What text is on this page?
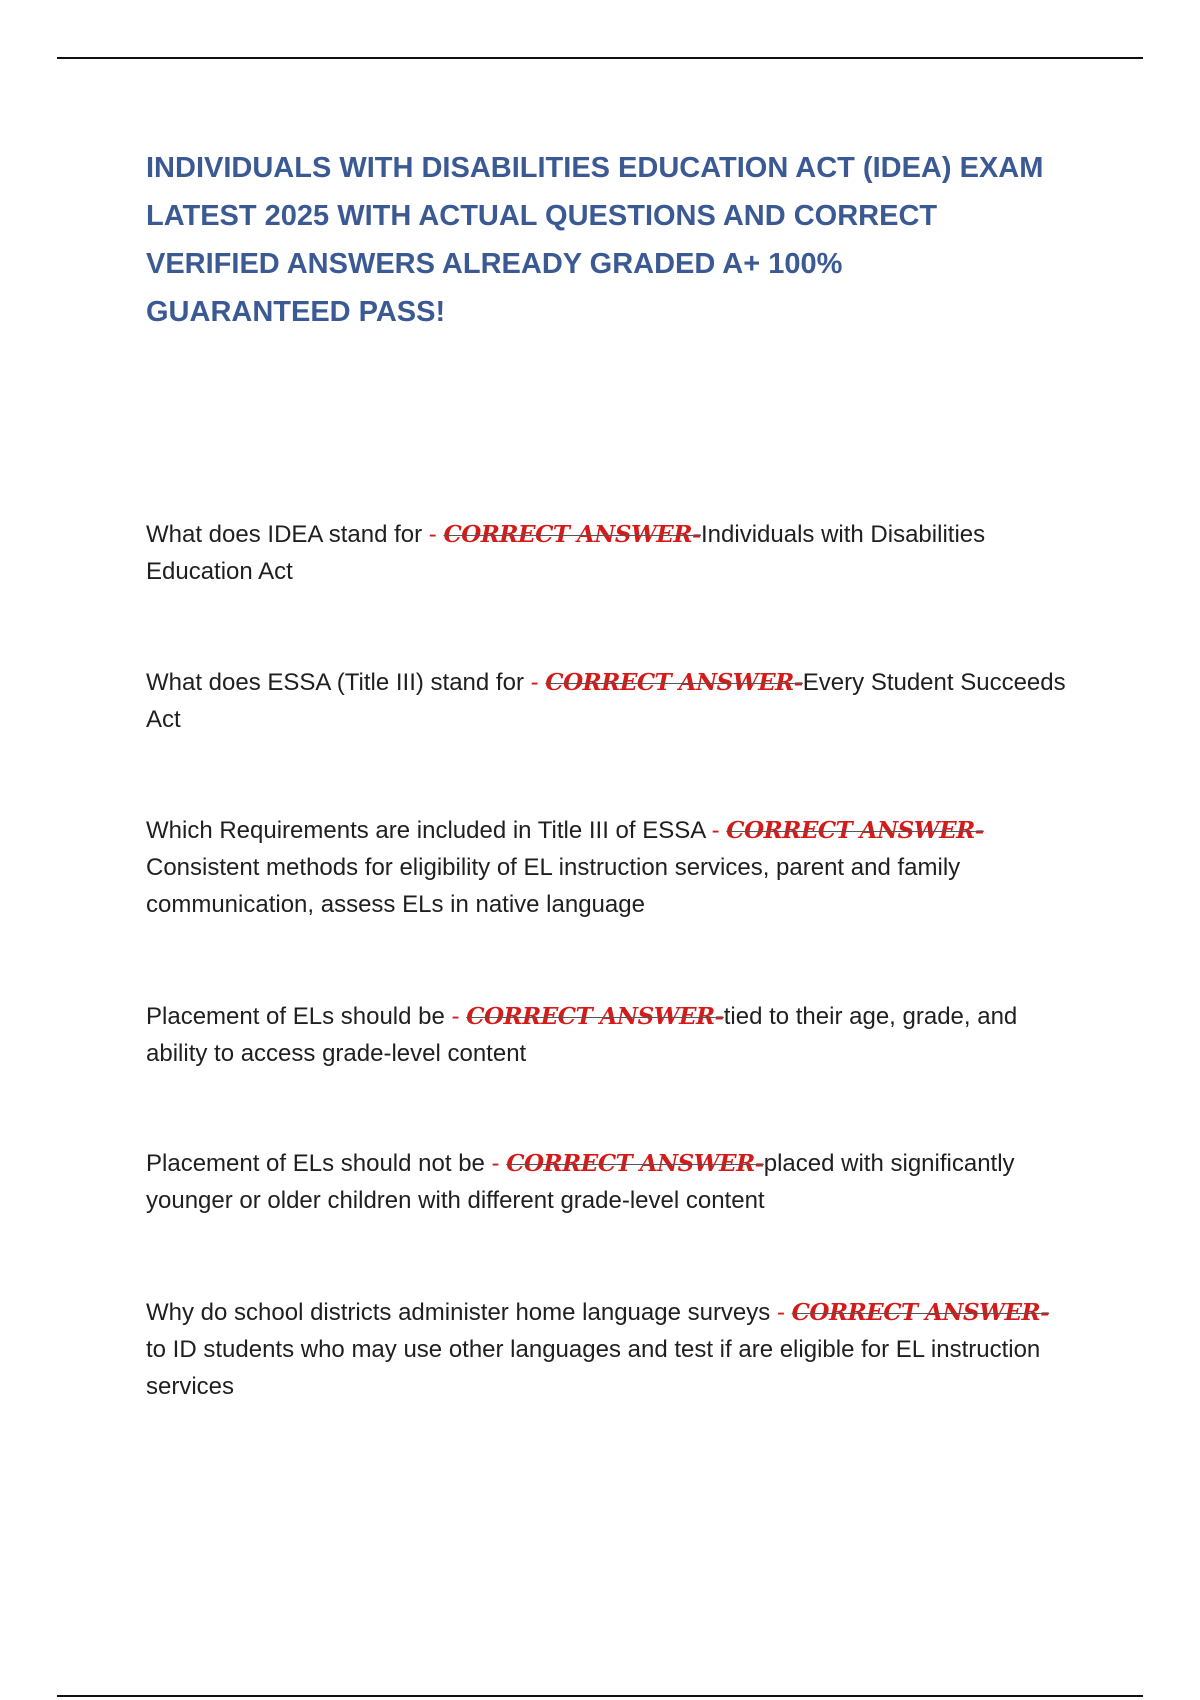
INDIVIDUALS WITH DISABILITIES EDUCATION ACT (IDEA) EXAM LATEST 2025 WITH ACTUAL QUESTIONS AND CORRECT VERIFIED ANSWERS ALREADY GRADED A+ 100% GUARANTEED PASS!

What does IDEA stand for - CORRECT ANSWER-Individuals with Disabilities Education Act

What does ESSA (Title III) stand for - CORRECT ANSWER-Every Student Succeeds Act

Which Requirements are included in Title III of ESSA - CORRECT ANSWER-Consistent methods for eligibility of EL instruction services, parent and family communication, assess ELs in native language

Placement of ELs should be - CORRECT ANSWER-tied to their age, grade, and ability to access grade-level content

Placement of ELs should not be - CORRECT ANSWER-placed with significantly younger or older children with different grade-level content

Why do school districts administer home language surveys - CORRECT ANSWER-to ID students who may use other languages and test if are eligible for EL instruction services
